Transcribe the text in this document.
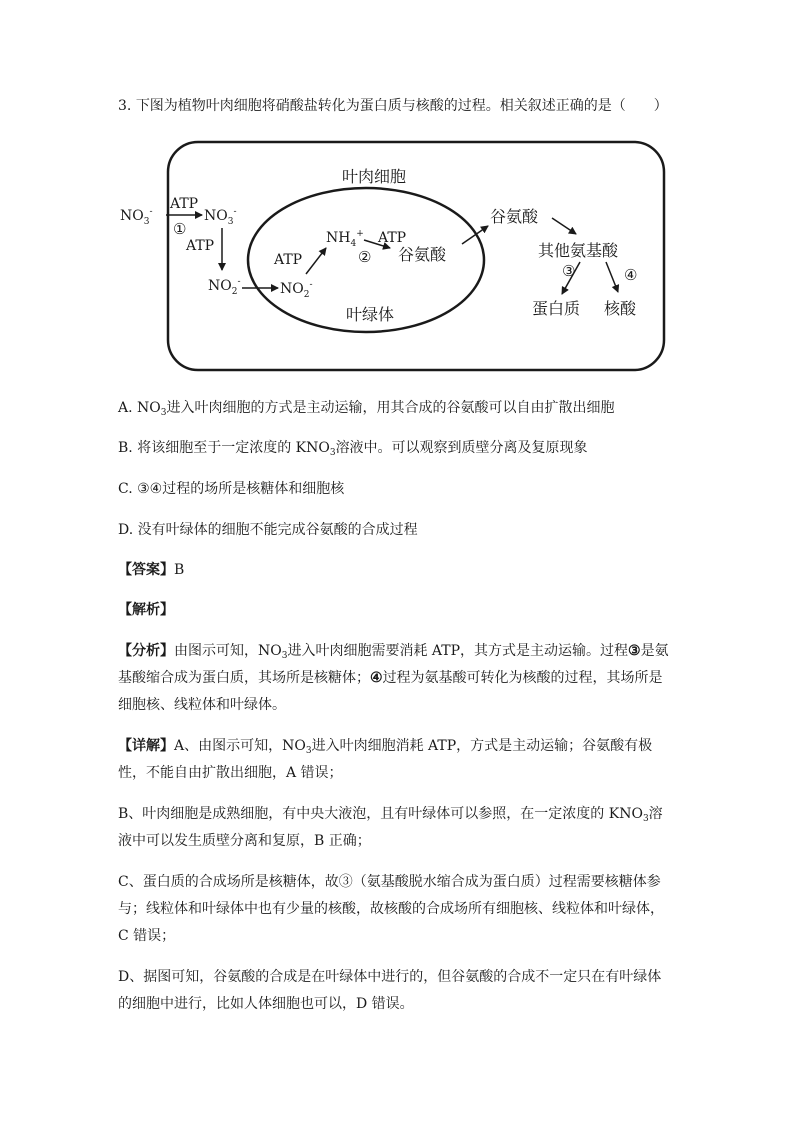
3. 下图为植物叶肉细胞将硝酸盐转化为蛋白质与核酸的过程。相关叙述正确的是（　　）
叶肉细胞
叶绿体
$NO_3^-$ ATP
①
$NO_3^-$
ATP
$NO_2^-$	$NO_2^-$
ATP
$NH_4^+$ ATP
② 谷氨酸
谷氨酸
其他氨基酸
③	④
蛋白质 核酸
A. $NO_3$进入叶肉细胞的方式是主动运输，用其合成的谷氨酸可以自由扩散出细胞
B. 将该细胞至于一定浓度的 $KNO_3$溶液中。可以观察到质壁分离及复原现象
C. ③④过程的场所是核糖体和细胞核
D. 没有叶绿体的细胞不能完成谷氨酸的合成过程
【答案】B
【解析】
【分析】由图示可知，$NO_3$进入叶肉细胞需要消耗 ATP，其方式是主动运输。过程③是氨
基酸缩合成为蛋白质，其场所是核糖体；④过程为氨基酸可转化为核酸的过程，其场所是
细胞核、线粒体和叶绿体。
【详解】A、由图示可知，$NO_3$进入叶肉细胞消耗 ATP，方式是主动运输；谷氨酸有极
性，不能自由扩散出细胞，A 错误；
B、叶肉细胞是成熟细胞，有中央大液泡，且有叶绿体可以参照，在一定浓度的 $KNO_3$溶
液中可以发生质壁分离和复原，B 正确；
C、蛋白质的合成场所是核糖体，故③（氨基酸脱水缩合成为蛋白质）过程需要核糖体参
与；线粒体和叶绿体中也有少量的核酸，故核酸的合成场所有细胞核、线粒体和叶绿体，
C 错误；
D、据图可知，谷氨酸的合成是在叶绿体中进行的，但谷氨酸的合成不一定只在有叶绿体
的细胞中进行，比如人体细胞也可以，D 错误。
